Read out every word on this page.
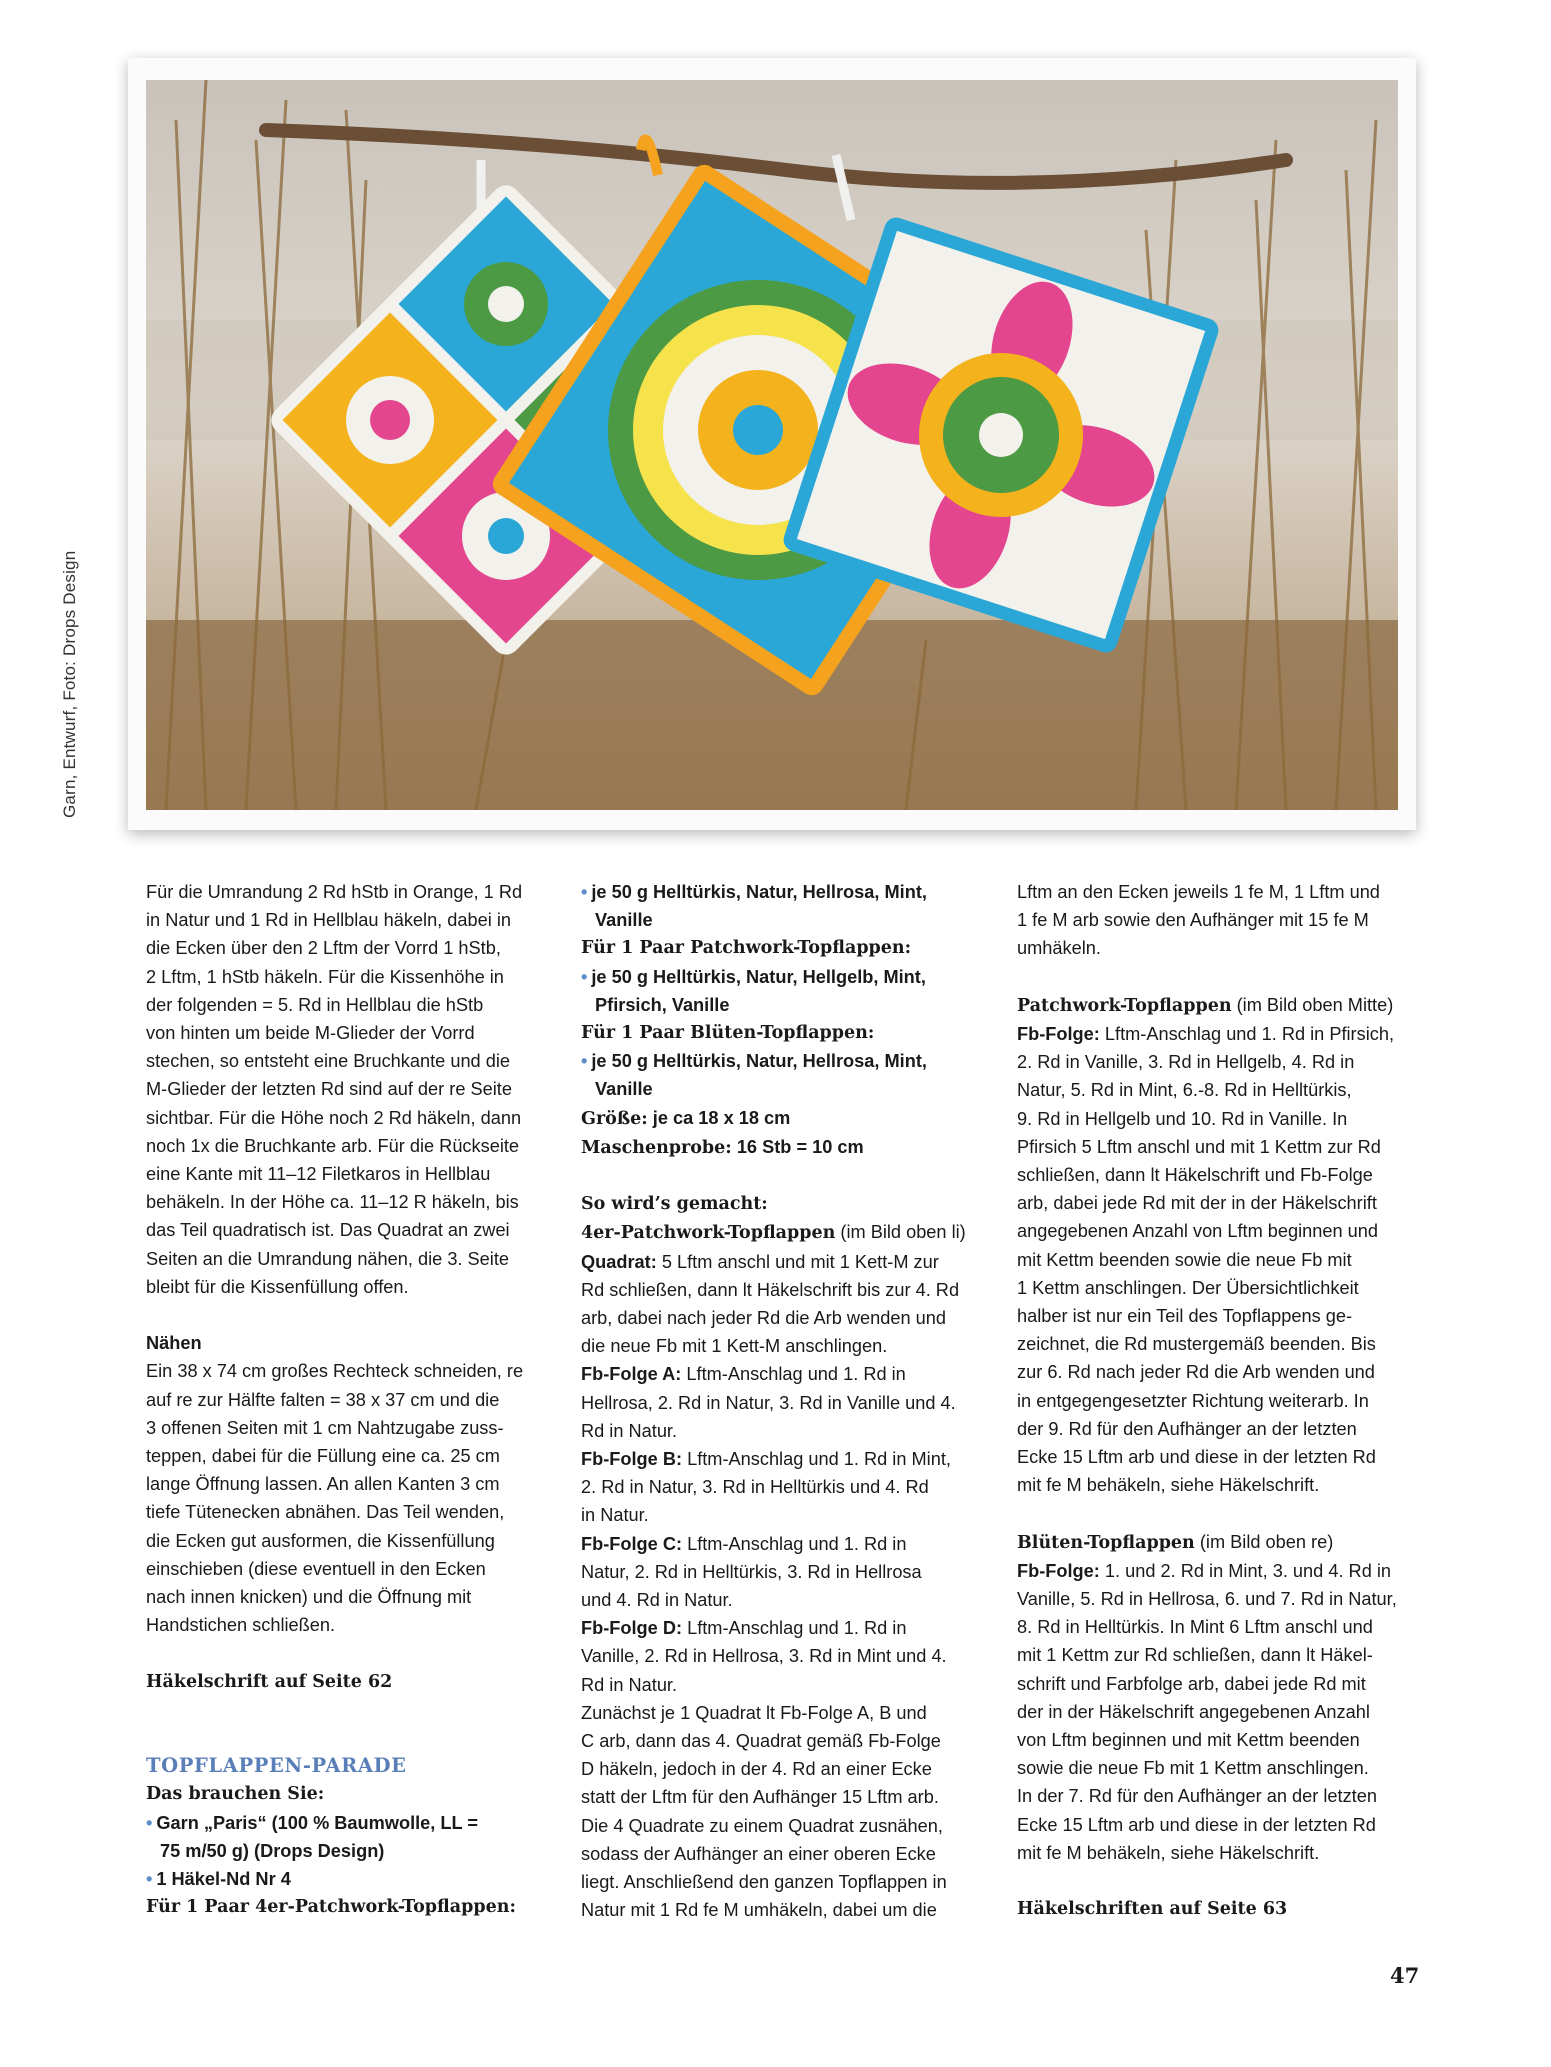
Garn, Entwurf, Foto: Drops Design

Für die Umrandung 2 Rd hStb in Orange, 1 Rd
in Natur und 1 Rd in Hellblau häkeln, dabei in
die Ecken über den 2 Lftm der Vorrd 1 hStb,
2 Lftm, 1 hStb häkeln. Für die Kissenhöhe in
der folgenden = 5. Rd in Hellblau die hStb
von hinten um beide M-Glieder der Vorrd
stechen, so entsteht eine Bruchkante und die
M-Glieder der letzten Rd sind auf der re Seite
sichtbar. Für die Höhe noch 2 Rd häkeln, dann
noch 1x die Bruchkante arb. Für die Rückseite
eine Kante mit 11–12 Filetkaros in Hellblau
behäkeln. In der Höhe ca. 11–12 R häkeln, bis
das Teil quadratisch ist. Das Quadrat an zwei
Seiten an die Umrandung nähen, die 3. Seite
bleibt für die Kissenfüllung offen.

Nähen

Ein 38 x 74 cm großes Rechteck schneiden, re
auf re zur Hälfte falten = 38 x 37 cm und die
3 offenen Seiten mit 1 cm Nahtzugabe zuss-
teppen, dabei für die Füllung eine ca. 25 cm
lange Öffnung lassen. An allen Kanten 3 cm
tiefe Tütenecken abnähen. Das Teil wenden,
die Ecken gut ausformen, die Kissenfüllung
einschieben (diese eventuell in den Ecken
nach innen knicken) und die Öffnung mit
Handstichen schließen.

Häkelschrift auf Seite 62

TOPFLAPPEN-PARADE

Das brauchen Sie:

• Garn „Paris“ (100 % Baumwolle, LL =
75 m/50 g) (Drops Design)

• 1 Häkel-Nd Nr 4

Für 1 Paar 4er-Patchwork-Topflappen:

• je 50 g Helltürkis, Natur, Hellrosa, Mint,
Vanille

Für 1 Paar Patchwork-Topflappen:

• je 50 g Helltürkis, Natur, Hellgelb, Mint,
Pfirsich, Vanille

Für 1 Paar Blüten-Topflappen:

• je 50 g Helltürkis, Natur, Hellrosa, Mint,
Vanille

Größe: je ca 18 x 18 cm

Maschenprobe: 16 Stb = 10 cm

So wird’s gemacht:

4er-Patchwork-Topflappen (im Bild oben li)

Quadrat: 5 Lftm anschl und mit 1 Kett-M zur
Rd schließen, dann lt Häkelschrift bis zur 4. Rd
arb, dabei nach jeder Rd die Arb wenden und
die neue Fb mit 1 Kett-M anschlingen.

Fb-Folge A: Lftm-Anschlag und 1. Rd in
Hellrosa, 2. Rd in Natur, 3. Rd in Vanille und 4.
Rd in Natur.

Fb-Folge B: Lftm-Anschlag und 1. Rd in Mint,
2. Rd in Natur, 3. Rd in Helltürkis und 4. Rd
in Natur.

Fb-Folge C: Lftm-Anschlag und 1. Rd in
Natur, 2. Rd in Helltürkis, 3. Rd in Hellrosa
und 4. Rd in Natur.

Fb-Folge D: Lftm-Anschlag und 1. Rd in
Vanille, 2. Rd in Hellrosa, 3. Rd in Mint und 4.
Rd in Natur.

Zunächst je 1 Quadrat lt Fb-Folge A, B und
C arb, dann das 4. Quadrat gemäß Fb-Folge
D häkeln, jedoch in der 4. Rd an einer Ecke
statt der Lftm für den Aufhänger 15 Lftm arb.
Die 4 Quadrate zu einem Quadrat zusnähen,
sodass der Aufhänger an einer oberen Ecke
liegt. Anschließend den ganzen Topflappen in
Natur mit 1 Rd fe M umhäkeln, dabei um die

Lftm an den Ecken jeweils 1 fe M, 1 Lftm und
1 fe M arb sowie den Aufhänger mit 15 fe M
umhäkeln.

Patchwork-Topflappen (im Bild oben Mitte)

Fb-Folge: Lftm-Anschlag und 1. Rd in Pfirsich,
2. Rd in Vanille, 3. Rd in Hellgelb, 4. Rd in
Natur, 5. Rd in Mint, 6.-8. Rd in Helltürkis,
9. Rd in Hellgelb und 10. Rd in Vanille. In
Pfirsich 5 Lftm anschl und mit 1 Kettm zur Rd
schließen, dann lt Häkelschrift und Fb-Folge
arb, dabei jede Rd mit der in der Häkelschrift
angegebenen Anzahl von Lftm beginnen und
mit Kettm beenden sowie die neue Fb mit
1 Kettm anschlingen. Der Übersichtlichkeit
halber ist nur ein Teil des Topflappens ge-
zeichnet, die Rd mustergemäß beenden. Bis
zur 6. Rd nach jeder Rd die Arb wenden und
in entgegengesetzter Richtung weiterarb. In
der 9. Rd für den Aufhänger an der letzten
Ecke 15 Lftm arb und diese in der letzten Rd
mit fe M behäkeln, siehe Häkelschrift.

Blüten-Topflappen (im Bild oben re)

Fb-Folge: 1. und 2. Rd in Mint, 3. und 4. Rd in
Vanille, 5. Rd in Hellrosa, 6. und 7. Rd in Natur,
8. Rd in Helltürkis. In Mint 6 Lftm anschl und
mit 1 Kettm zur Rd schließen, dann lt Häkel-
schrift und Farbfolge arb, dabei jede Rd mit
der in der Häkelschrift angegebenen Anzahl
von Lftm beginnen und mit Kettm beenden
sowie die neue Fb mit 1 Kettm anschlingen.
In der 7. Rd für den Aufhänger an der letzten
Ecke 15 Lftm arb und diese in der letzten Rd
mit fe M behäkeln, siehe Häkelschrift.

Häkelschriften auf Seite 63

47
